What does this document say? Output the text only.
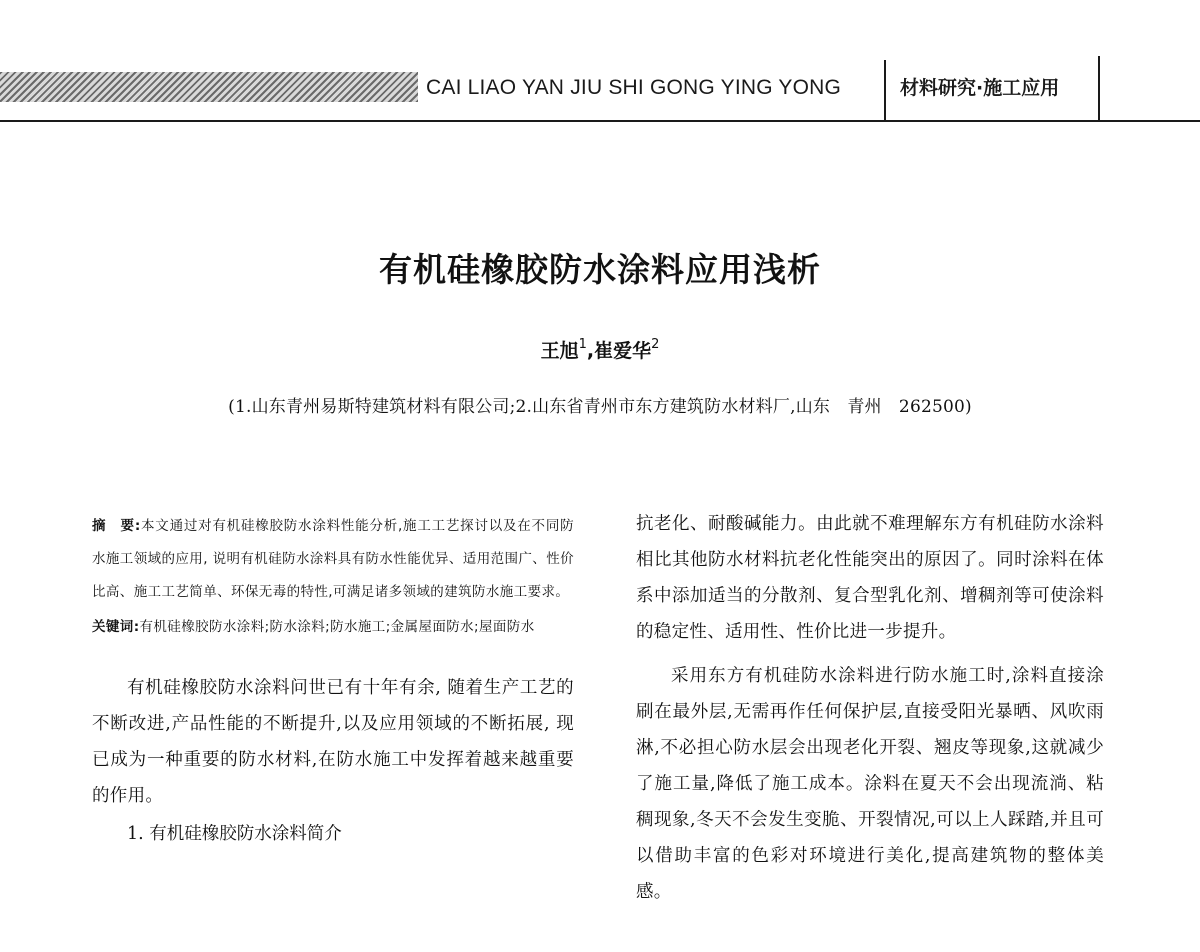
CAI LIAO YAN JIU SHI GONG YING YONG	材料研究·施工应用
有机硅橡胶防水涂料应用浅析
王旭$^1$,崔爱华$^2$
(1.山东青州易斯特建筑材料有限公司;2.山东省青州市东方建筑防水材料厂,山东　青州　262500)

摘　要:本文通过对有机硅橡胶防水涂料性能分析,施工工艺探讨以及在不同防水施工领域的应用, 说明有机硅防水涂料具有防水性能优异、适用范围广、性价比高、施工工艺简单、环保无毒的特性,可满足诸多领域的建筑防水施工要求。

关键词:有机硅橡胶防水涂料;防水涂料;防水施工;金属屋面防水;屋面防水

有机硅橡胶防水涂料问世已有十年有余, 随着生产工艺的不断改进,产品性能的不断提升,以及应用领域的不断拓展, 现已成为一种重要的防水材料,在防水施工中发挥着越来越重要的作用。

1. 有机硅橡胶防水涂料简介

抗老化、耐酸碱能力。由此就不难理解东方有机硅防水涂料相比其他防水材料抗老化性能突出的原因了。同时涂料在体系中添加适当的分散剂、复合型乳化剂、增稠剂等可使涂料的稳定性、适用性、性价比进一步提升。

采用东方有机硅防水涂料进行防水施工时,涂料直接涂刷在最外层,无需再作任何保护层,直接受阳光暴晒、风吹雨淋,不必担心防水层会出现老化开裂、翘皮等现象,这就减少了施工量,降低了施工成本。涂料在夏天不会出现流淌、粘稠现象,冬天不会发生变脆、开裂情况,可以上人踩踏,并且可以借助丰富的色彩对环境进行美化,提高建筑物的整体美感。
